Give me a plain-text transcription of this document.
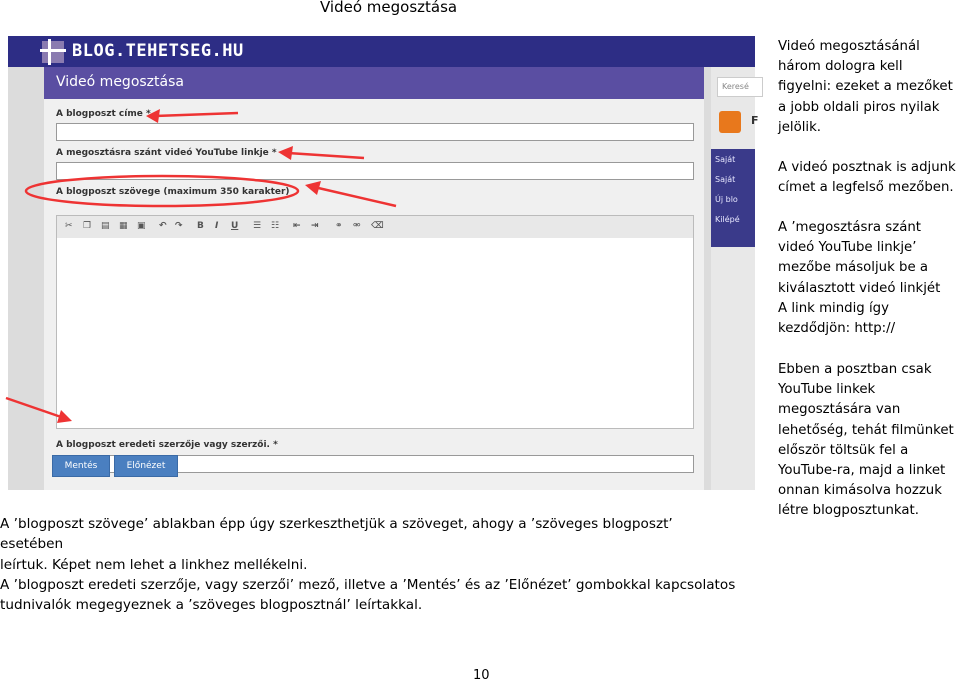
Videó megosztása
BLOG.TEHETSEG.HU
Videó megosztása
A blogposzt címe *
A megosztásra szánt videó YouTube linkje *
A blogposzt szövege (maximum 350 karakter)
✂ ❐ ▤ ▦ ▣ ↶ ↷ B I U ☰ ☷ ⇤ ⇥ ⚭ ⚮ ⌫
A blogposzt eredeti szerzője vagy szerzői. *
Mentés	Előnézet
Keresé
F
Saját
Saját
Új blo
Kilépé

Videó megosztásánál
három dologra kell
figyelni: ezeket a mezőket
a jobb oldali piros nyilak
jelölik.

A videó posztnak is adjunk
címet a legfelső mezőben.

A ’megosztásra szánt
videó YouTube linkje’
mezőbe másoljuk be a
kiválasztott videó linkjét
A link mindig így
kezdődjön: http://

Ebben a posztban csak
YouTube linkek
megosztására van
lehetőség, tehát filmünket
először töltsük fel a
YouTube-ra, majd a linket
onnan kimásolva hozzuk
létre blogposztunkat.

A ’blogposzt szövege’ ablakban épp úgy szerkeszthetjük a szöveget, ahogy a ’szöveges blogposzt’ esetében
leírtuk. Képet nem lehet a linkhez mellékelni.
A ’blogposzt eredeti szerzője, vagy szerzői’ mező, illetve a ’Mentés’ és az ’Előnézet’ gombokkal kapcsolatos
tudnivalók megegyeznek a ’szöveges blogposztnál’ leírtakkal.

10
